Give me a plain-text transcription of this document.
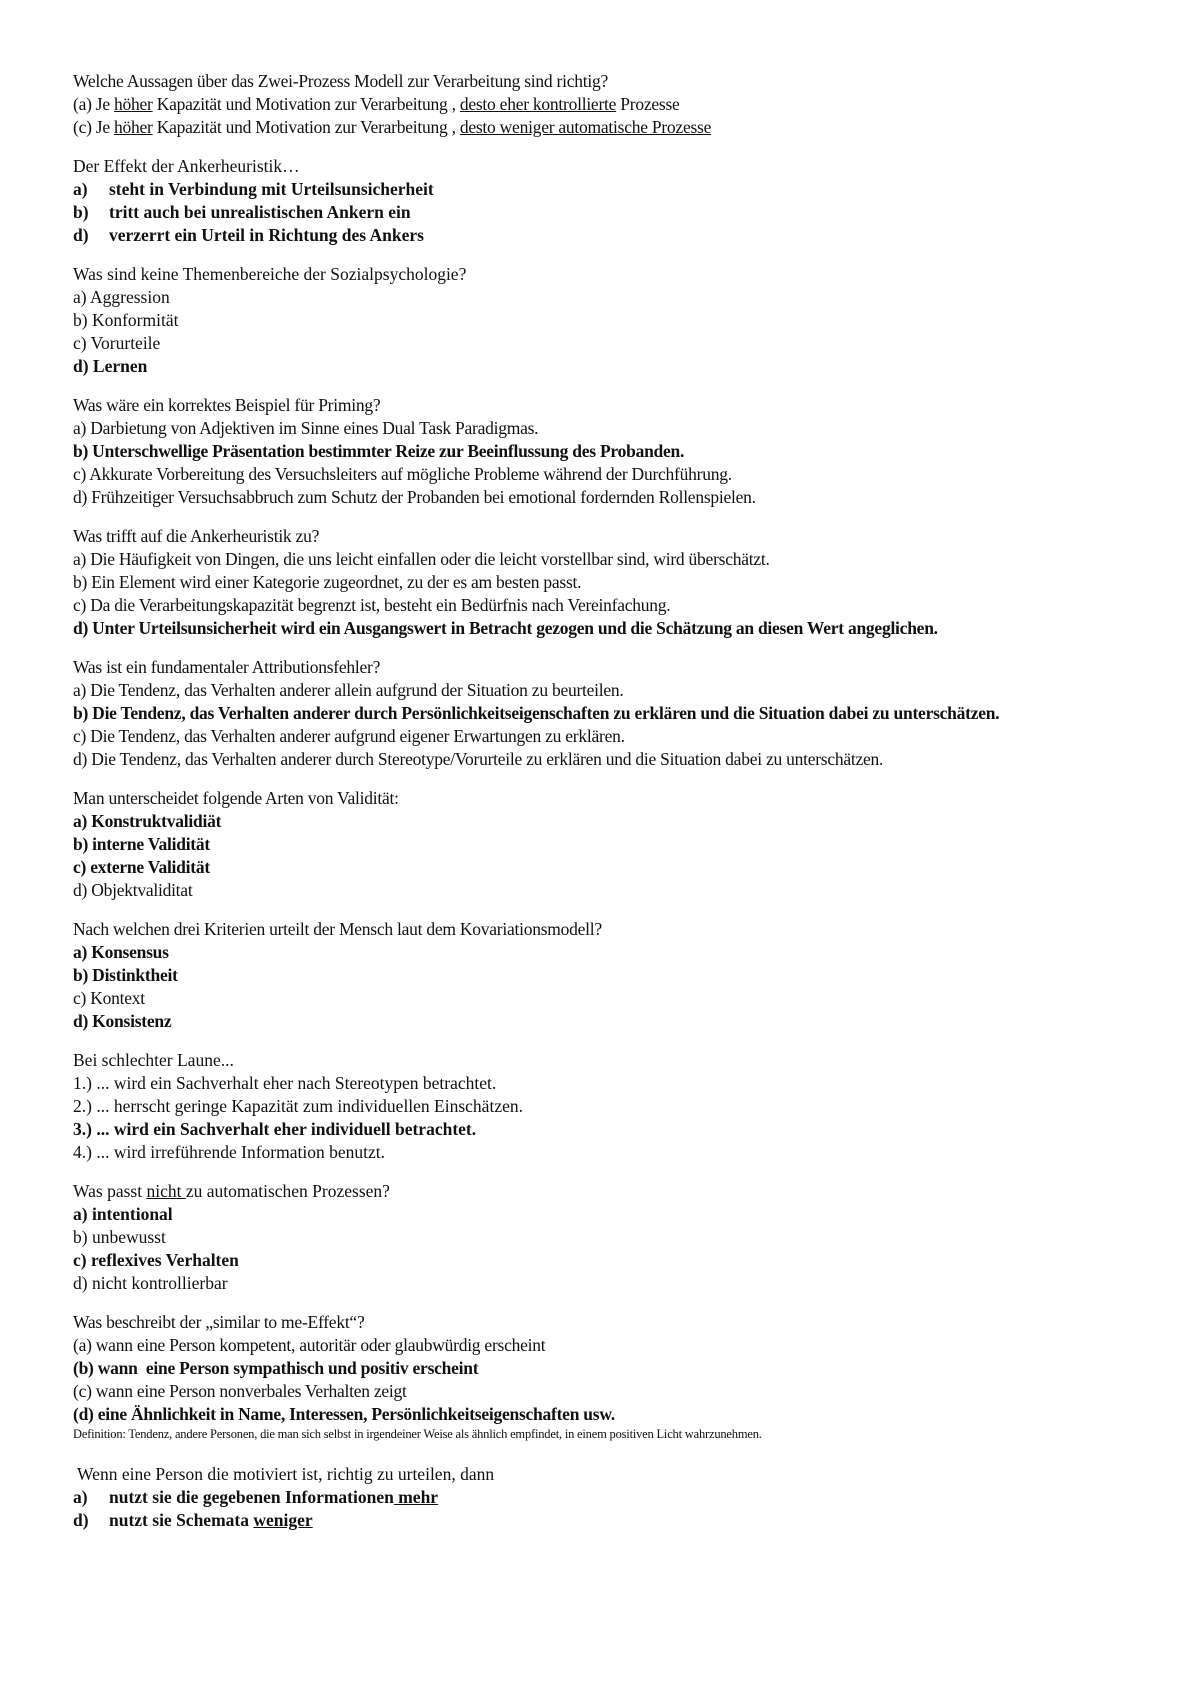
Welche Aussagen über das Zwei-Prozess Modell zur Verarbeitung sind richtig?
(a) Je höher Kapazität und Motivation zur Verarbeitung , desto eher kontrollierte Prozesse
(c) Je höher Kapazität und Motivation zur Verarbeitung , desto weniger automatische Prozesse
Der Effekt der Ankerheuristik…
a) steht in Verbindung mit Urteilsunsicherheit
b) tritt auch bei unrealistischen Ankern ein
d) verzerrt ein Urteil in Richtung des Ankers
Was sind keine Themenbereiche der Sozialpsychologie?
a) Aggression
b) Konformität
c) Vorurteile
d) Lernen
Was wäre ein korrektes Beispiel für Priming?
a) Darbietung von Adjektiven im Sinne eines Dual Task Paradigmas.
b) Unterschwellige Präsentation bestimmter Reize zur Beeinflussung des Probanden.
c) Akkurate Vorbereitung des Versuchsleiters auf mögliche Probleme während der Durchführung.
d) Frühzeitiger Versuchsabbruch zum Schutz der Probanden bei emotional fordernden Rollenspielen.
Was trifft auf die Ankerheuristik zu?
a) Die Häufigkeit von Dingen, die uns leicht einfallen oder die leicht vorstellbar sind, wird überschätzt.
b) Ein Element wird einer Kategorie zugeordnet, zu der es am besten passt.
c) Da die Verarbeitungskapazität begrenzt ist, besteht ein Bedürfnis nach Vereinfachung.
d) Unter Urteilsunsicherheit wird ein Ausgangswert in Betracht gezogen und die Schätzung an diesen Wert angeglichen.
Was ist ein fundamentaler Attributionsfehler?
a) Die Tendenz, das Verhalten anderer allein aufgrund der Situation zu beurteilen.
b) Die Tendenz, das Verhalten anderer durch Persönlichkeitseigenschaften zu erklären und die Situation dabei zu unterschätzen.
c) Die Tendenz, das Verhalten anderer aufgrund eigener Erwartungen zu erklären.
d) Die Tendenz, das Verhalten anderer durch Stereotype/Vorurteile zu erklären und die Situation dabei zu unterschätzen.
Man unterscheidet folgende Arten von Validität:
a) Konstruktvalidiät
b) interne Validität
c) externe Validität
d) Objektvaliditat
Nach welchen drei Kriterien urteilt der Mensch laut dem Kovariationsmodell?
a) Konsensus
b) Distinktheit
c) Kontext
d) Konsistenz
Bei schlechter Laune...
1.) ... wird ein Sachverhalt eher nach Stereotypen betrachtet.
2.) ... herrscht geringe Kapazität zum individuellen Einschätzen.
3.) ... wird ein Sachverhalt eher individuell betrachtet.
4.) ... wird irreführende Information benutzt.
Was passt nicht zu automatischen Prozessen?
a) intentional
b) unbewusst
c) reflexives Verhalten
d) nicht kontrollierbar
Was beschreibt der „similar to me-Effekt“?
(a) wann eine Person kompetent, autoritär oder glaubwürdig erscheint
(b) wann  eine Person sympathisch und positiv erscheint
(c) wann eine Person nonverbales Verhalten zeigt
(d) eine Ähnlichkeit in Name, Interessen, Persönlichkeitseigenschaften usw.
Definition: Tendenz, andere Personen, die man sich selbst in irgendeiner Weise als ähnlich empfindet, in einem positiven Licht wahrzunehmen.
Wenn eine Person die motiviert ist, richtig zu urteilen, dann
a) nutzt sie die gegebenen Informationen mehr
d) nutzt sie Schemata weniger
